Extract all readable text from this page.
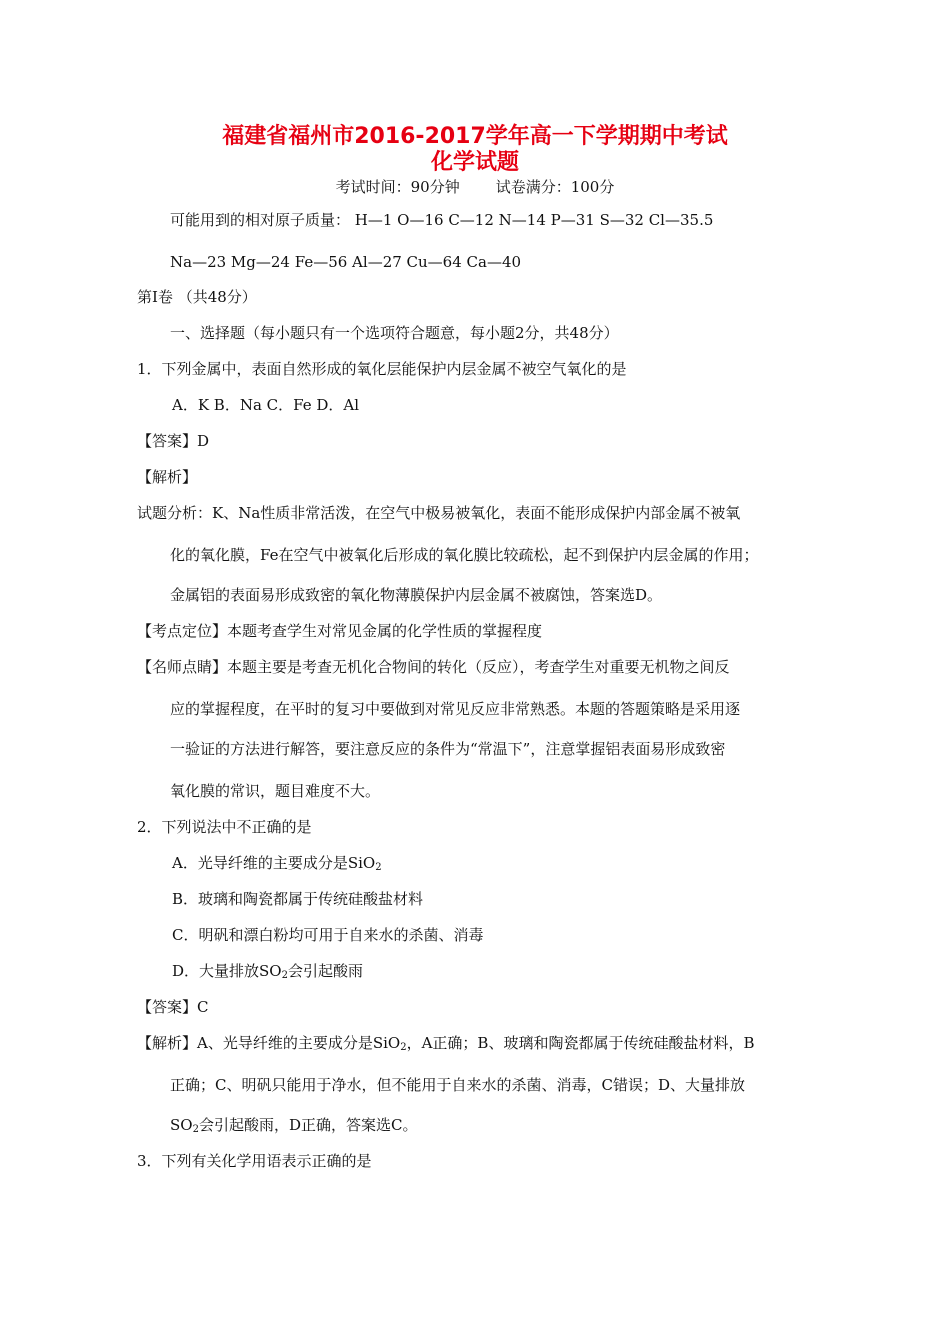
福建省福州市2016-2017学年高一下学期期中考试
化学试题
考试时间：90分钟 试卷满分：100分
可能用到的相对原子质量： H—1 O—16 C—12 N—14 P—31 S—32 Cl—35.5
Na—23 Mg—24 Fe—56 Al—27 Cu—64 Ca—40
第Ⅰ卷 （共48分）
一、选择题（每小题只有一个选项符合题意，每小题2分，共48分）
1．下列金属中，表面自然形成的氧化层能保护内层金属不被空气氧化的是
A．K B．Na C．Fe D．Al
【答案】D
【解析】
试题分析：K、Na性质非常活泼，在空气中极易被氧化，表面不能形成保护内部金属不被氧
化的氧化膜，Fe在空气中被氧化后形成的氧化膜比较疏松，起不到保护内层金属的作用；
金属铝的表面易形成致密的氧化物薄膜保护内层金属不被腐蚀，答案选D。
【考点定位】本题考查学生对常见金属的化学性质的掌握程度
【名师点睛】本题主要是考查无机化合物间的转化（反应），考查学生对重要无机物之间反
应的掌握程度，在平时的复习中要做到对常见反应非常熟悉。本题的答题策略是采用逐
一验证的方法进行解答，要注意反应的条件为“常温下”，注意掌握铝表面易形成致密
氧化膜的常识，题目难度不大。
2．下列说法中不正确的是
A．光导纤维的主要成分是SiO$_2$
B．玻璃和陶瓷都属于传统硅酸盐材料
C．明矾和漂白粉均可用于自来水的杀菌、消毒
D．大量排放$SO_2$会引起酸雨
【答案】C
【解析】A、光导纤维的主要成分是SiO$_2$，A正确；B、玻璃和陶瓷都属于传统硅酸盐材料，B
正确；C、明矾只能用于净水，但不能用于自来水的杀菌、消毒，C错误；D、大量排放
$SO_2$会引起酸雨，D正确，答案选C。
3．下列有关化学用语表示正确的是
